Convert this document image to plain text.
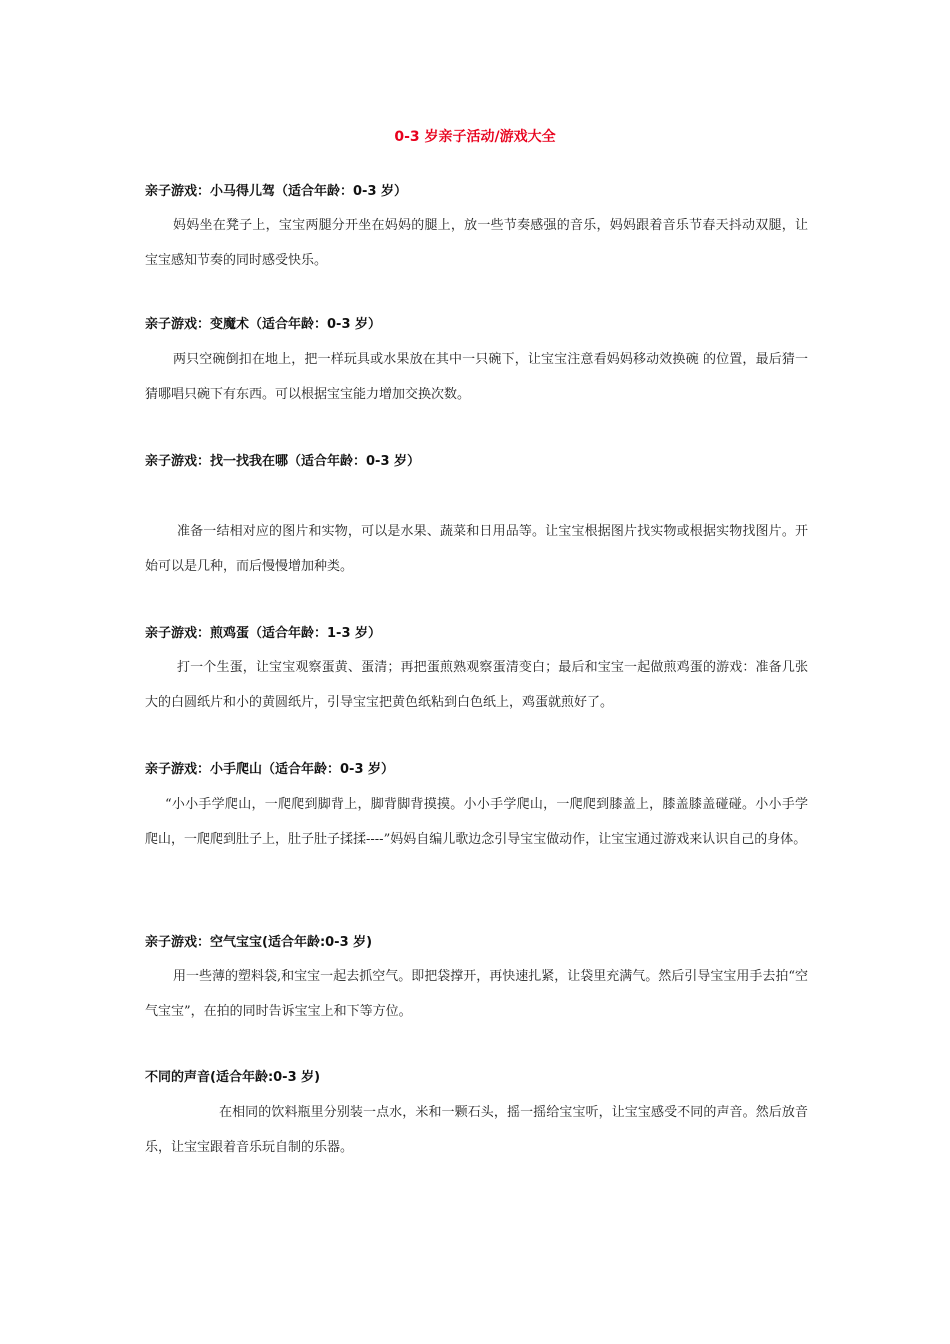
0-3 岁亲子活动/游戏大全
亲子游戏：小马得儿驾（适合年龄：0-3 岁）

妈妈坐在凳子上，宝宝两腿分开坐在妈妈的腿上，放一些节奏感强的音乐，妈妈跟着音乐节春天抖动双腿，让宝宝感知节奏的同时感受快乐。

亲子游戏：变魔术（适合年龄：0-3 岁）

两只空碗倒扣在地上，把一样玩具或水果放在其中一只碗下，让宝宝注意看妈妈移动效换碗 的位置，最后猜一猜哪唱只碗下有东西。可以根据宝宝能力增加交换次数。

亲子游戏：找一找我在哪（适合年龄：0-3 岁）

准备一结相对应的图片和实物，可以是水果、蔬菜和日用品等。让宝宝根据图片找实物或根据实物找图片。开始可以是几种，而后慢慢增加种类。

亲子游戏：煎鸡蛋（适合年龄：1-3 岁）

打一个生蛋，让宝宝观察蛋黄、蛋清；再把蛋煎熟观察蛋清变白；最后和宝宝一起做煎鸡蛋的游戏：准备几张大的白圆纸片和小的黄圆纸片，引导宝宝把黄色纸粘到白色纸上，鸡蛋就煎好了。

亲子游戏：小手爬山（适合年龄：0-3 岁）

“小小手学爬山，一爬爬到脚背上，脚背脚背摸摸。小小手学爬山，一爬爬到膝盖上，膝盖膝盖碰碰。小小手学爬山，一爬爬到肚子上，肚子肚子揉揉----”妈妈自编儿歌边念引导宝宝做动作，让宝宝通过游戏来认识自己的身体。

亲子游戏：空气宝宝(适合年龄:0-3 岁)

用一些薄的塑料袋,和宝宝一起去抓空气。即把袋撑开，再快速扎紧，让袋里充满气。然后引导宝宝用手去拍“空气宝宝”，在拍的同时告诉宝宝上和下等方位。

不同的声音(适合年龄:0-3 岁)

在相同的饮料瓶里分别装一点水，米和一颗石头，摇一摇给宝宝听，让宝宝感受不同的声音。然后放音乐，让宝宝跟着音乐玩自制的乐器。
